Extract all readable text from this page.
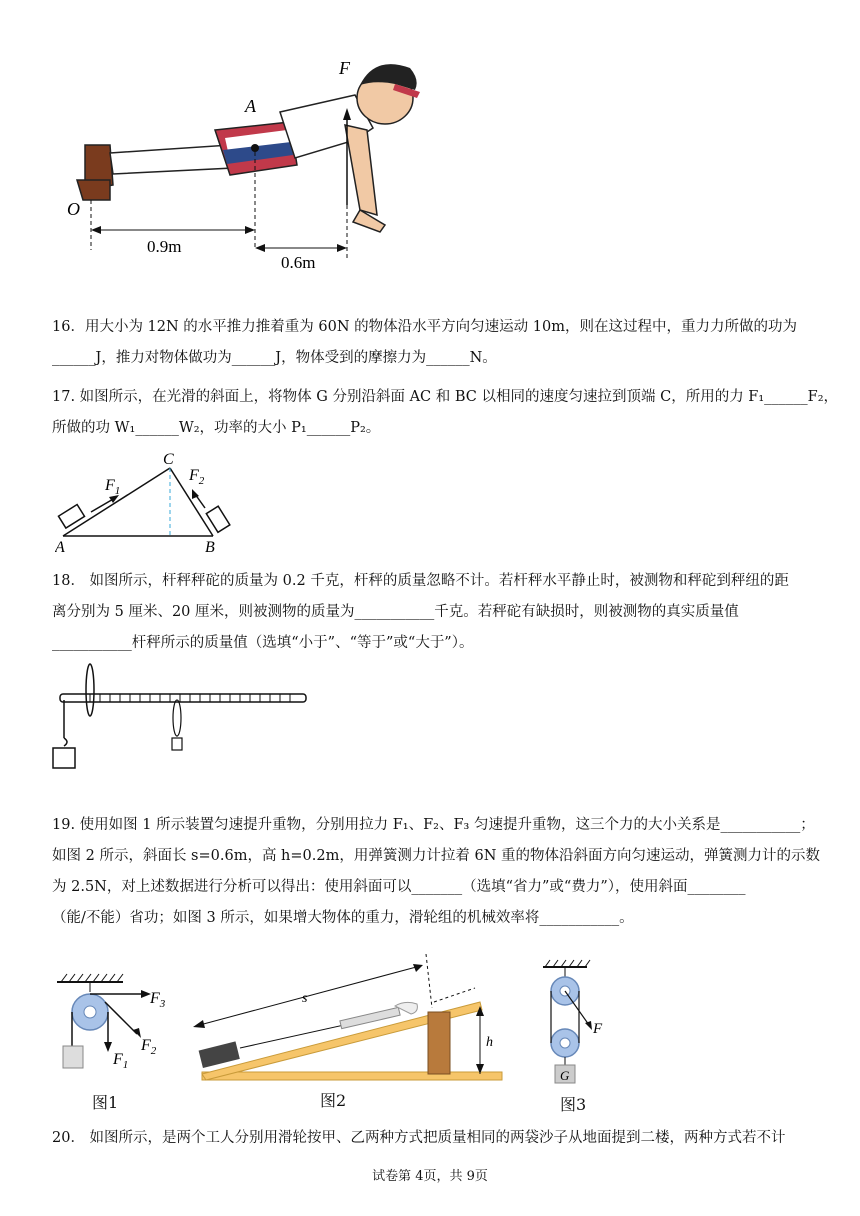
F
A
O
0.9m
0.6m
16．用大小为 12N 的水平推力推着重为 60N 的物体沿水平方向匀速运动 10m，则在这过程中，重力力所做的功为
______J，推力对物体做功为______J，物体受到的摩擦力为______N。
17. 如图所示，在光滑的斜面上，将物体 G 分别沿斜面 AC 和 BC 以相同的速度匀速拉到顶端 C，所用的力 F₁______F₂，
所做的功 W₁______W₂，功率的大小 P₁______P₂。
C
A	B
$F_1$
$F_2$
18． 如图所示，杆秤秤砣的质量为 0.2 千克，杆秤的质量忽略不计。若杆秤水平静止时，被测物和秤砣到秤纽的距
离分别为 5 厘米、20 厘米，则被测物的质量为___________千克。若秤砣有缺损时，则被测物的真实质量值
___________杆秤所示的质量值（选填“小于”、“等于”或“大于”）。
19. 使用如图 1 所示装置匀速提升重物，分别用拉力 F₁、F₂、F₃ 匀速提升重物，这三个力的大小关系是___________；
如图 2 所示，斜面长 s=0.6m，高 h=0.2m，用弹簧测力计拉着 6N 重的物体沿斜面方向匀速运动，弹簧测力计的示数
为 2.5N，对上述数据进行分析可以得出：使用斜面可以_______（选填“省力”或“费力”），使用斜面________
（能/不能）省功；如图 3 所示，如果增大物体的重力，滑轮组的机械效率将___________。
$F_3$
$F_2$
$F_1$
图1
s
h
图2
F
G
图3
20． 如图所示，是两个工人分别用滑轮按甲、乙两种方式把质量相同的两袋沙子从地面提到二楼，两种方式若不计
试卷第 4页，共 9页
